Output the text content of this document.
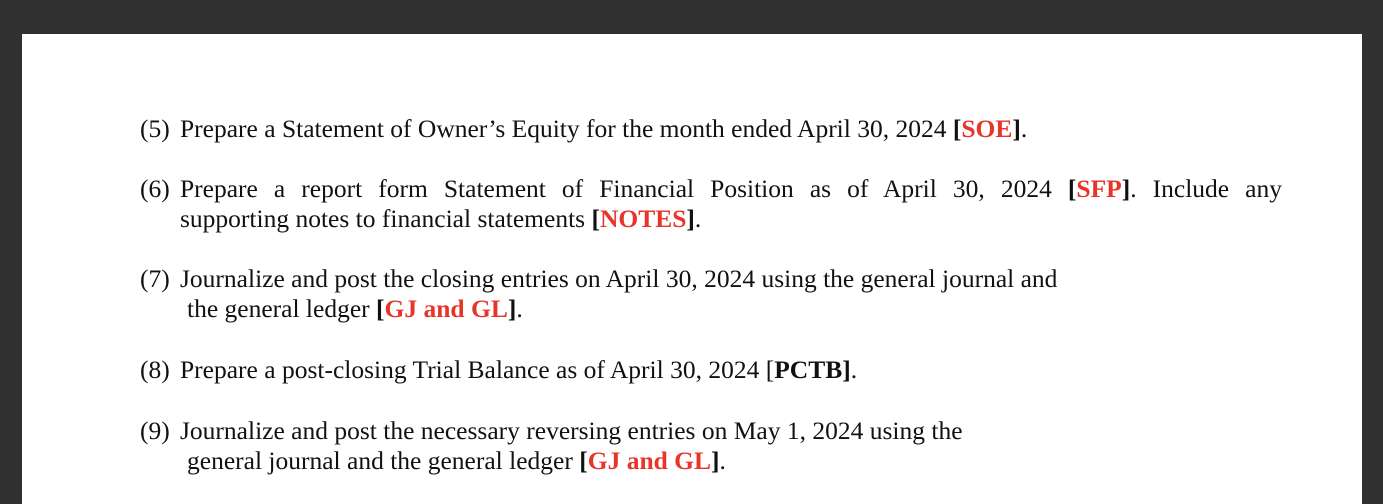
(5) Prepare a Statement of Owner’s Equity for the month ended April 30, 2024 [SOE].
(6) Prepare a report form Statement of Financial Position as of April 30, 2024 [SFP]. Include any
supporting notes to financial statements [NOTES].
(7) Journalize and post the closing entries on April 30, 2024 using the general journal and
the general ledger [GJ and GL].
(8) Prepare a post-closing Trial Balance as of April 30, 2024 [PCTB].
(9) Journalize and post the necessary reversing entries on May 1, 2024 using the
general journal and the general ledger [GJ and GL].
